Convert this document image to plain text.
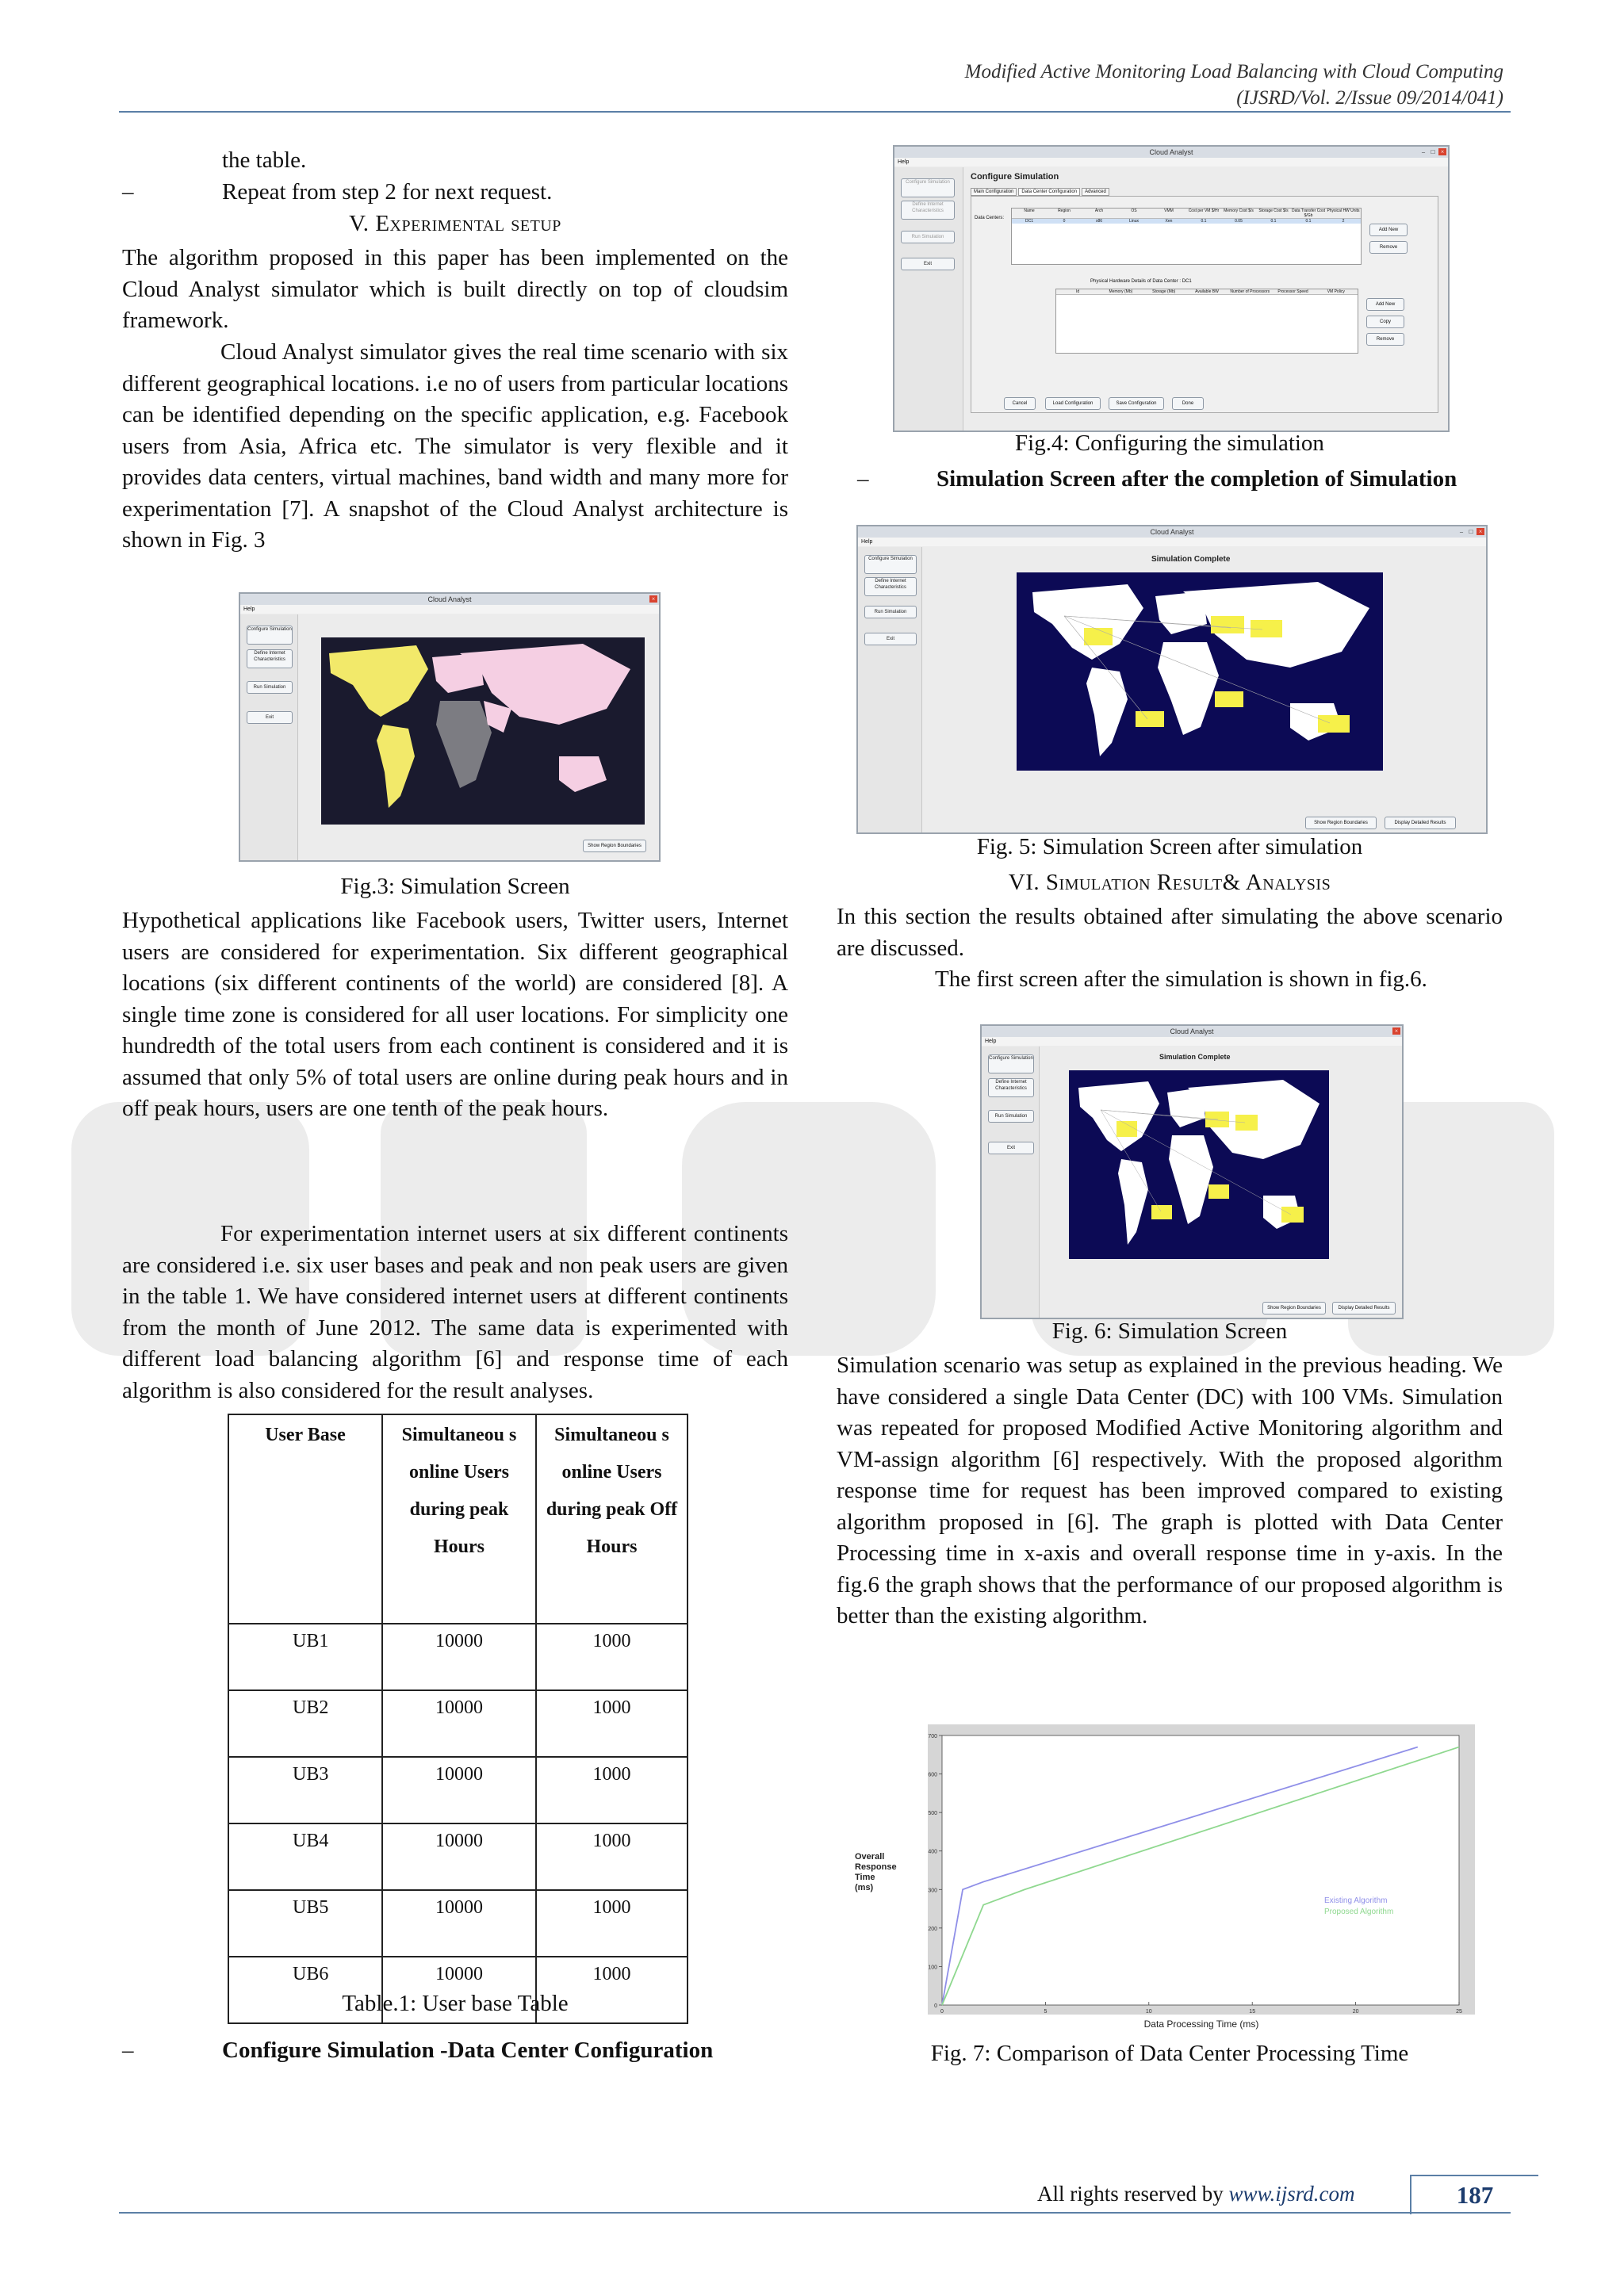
Modified Active Monitoring Load Balancing with Cloud Computing
(IJSRD/Vol. 2/Issue 09/2014/041)
the table.
–	Repeat from step 2 for next request.
V. Experimental setup
The algorithm proposed in this paper has been implemented on the Cloud Analyst simulator which is built directly on top of cloudsim framework.
Cloud Analyst simulator gives the real time scenario with six different geographical locations. i.e no of users from particular locations can be identified depending on the specific application, e.g. Facebook users from Asia, Africa etc. The simulator is very flexible and it provides data centers, virtual machines, band width and many more for experimentation [7]. A snapshot of the Cloud Analyst architecture is shown in Fig. 3
Cloud Analyst	×
Help
Configure Simulation
Define Internet Characteristics
Run Simulation
Exit
Show Region Boundaries
Fig.3: Simulation Screen
Hypothetical applications like Facebook users, Twitter users, Internet users are considered for experimentation. Six different geographical locations (six different continents of the world) are considered [8]. A single time zone is considered for all user locations. For simplicity one hundredth of the total users from each continent is considered and it is assumed that only 5% of total users are online during peak hours and in off peak hours, users are one tenth of the peak hours.
For experimentation internet users at six different continents are considered i.e. six user bases and peak and non peak users are given in the table 1. We have considered internet users at different continents from the month of June 2012. The same data is experimented with different load balancing algorithm [6] and response time of each algorithm is also considered for the result analyses.
User Base	Simultaneou s online Users during peak Hours	Simultaneou s online Users during peak Off Hours
UB1	10000	1000
UB2	10000	1000
UB3	10000	1000
UB4	10000	1000
UB5	10000	1000
UB6	10000	1000
Table.1: User base Table
–	Configure Simulation -Data Center Configuration
Cloud Analyst	×
□
–
Help
Configure Simulation
Define Internet Characteristics
Run Simulation
Exit
Configure Simulation
Main Configuration	Data Center Configuration	Advanced
Data Centers:
Name	Region	Arch	OS	VMM	Cost per VM $/Hr	Memory Cost $/s	Storage Cost $/s Data Transfer Cost $/Gb
Physical HW Units
DC1	0	x86	Linux	Xen	0.1	0.05	0.1	0.1	2
Add New
Remove
Physical Hardware Details of Data Center : DC1
Id	Memory (Mb)	Storage (Mb)	Available BW	Number of Processors	Processor Speed	VM Policy
Add New
Copy
Remove
Cancel	Load Configuration	Save Configuration	Done
Fig.4: Configuring the simulation
–	Simulation Screen after the completion of Simulation
Cloud Analyst	×
□
–
Help
Configure Simulation
Define Internet Characteristics
Run Simulation
Exit
Simulation Complete
Show Region Boundaries	Display Detailed Results
Fig. 5: Simulation Screen after simulation
VI. Simulation Result& Analysis
In this section the results obtained after simulating the above scenario are discussed.
The first screen after the simulation is shown in fig.6.
Cloud Analyst	×
Help
Configure Simulation
Define Internet Characteristics
Run Simulation
Exit
Simulation Complete
Show Region Boundaries	Display Detailed Results
Fig. 6: Simulation Screen
Simulation scenario was setup as explained in the previous heading. We have considered a single Data Center (DC) with 100 VMs. Simulation was repeated for proposed Modified Active Monitoring algorithm and VM-assign algorithm [6] respectively. With the proposed algorithm response time for request has been improved compared to existing algorithm proposed in [6]. The graph is plotted with Data Center Processing time in x-axis and overall response time in y-axis. In the fig.6 the graph shows that the performance of our proposed algorithm is better than the existing algorithm.
0
100
200
300
400
500
600
700
0	5	10	15	20	25
Existing Algorithm
Proposed Algorithm
Overall Response Time (ms)
Data Processing Time (ms)
Fig. 7: Comparison of Data Center Processing Time
All rights reserved by www.ijsrd.com	187
